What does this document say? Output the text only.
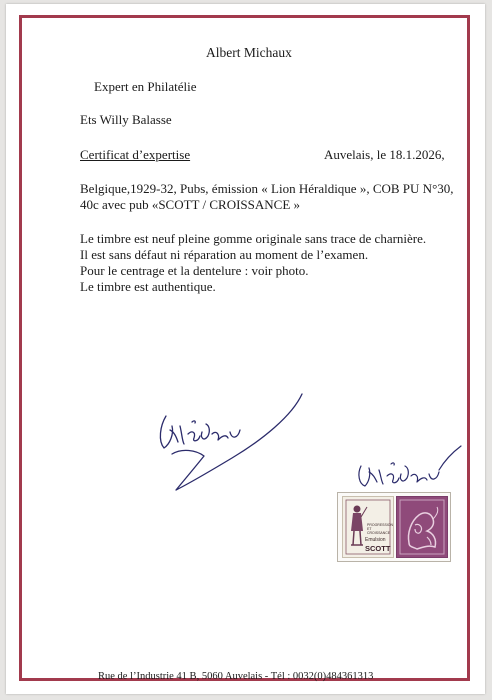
Albert Michaux
Expert en Philatélie
Ets Willy Balasse
Certificat d’expertise	Auvelais, le 18.1.2026,
Belgique,1929-32, Pubs, émission « Lion Héraldique », COB PU N°30,
40c avec pub «SCOTT / CROISSANCE »
Le timbre est neuf pleine gomme originale sans trace de charnière.
Il est sans défaut ni réparation au moment de l’examen.
Pour le centrage et la dentelure : voir photo.
Le timbre est authentique.
PROGRESSION ET CROISSANCE
Emulsion
SCOTT
Rue de l’Industrie 41 B, 5060 Auvelais - Tél : 0032(0)484361313
